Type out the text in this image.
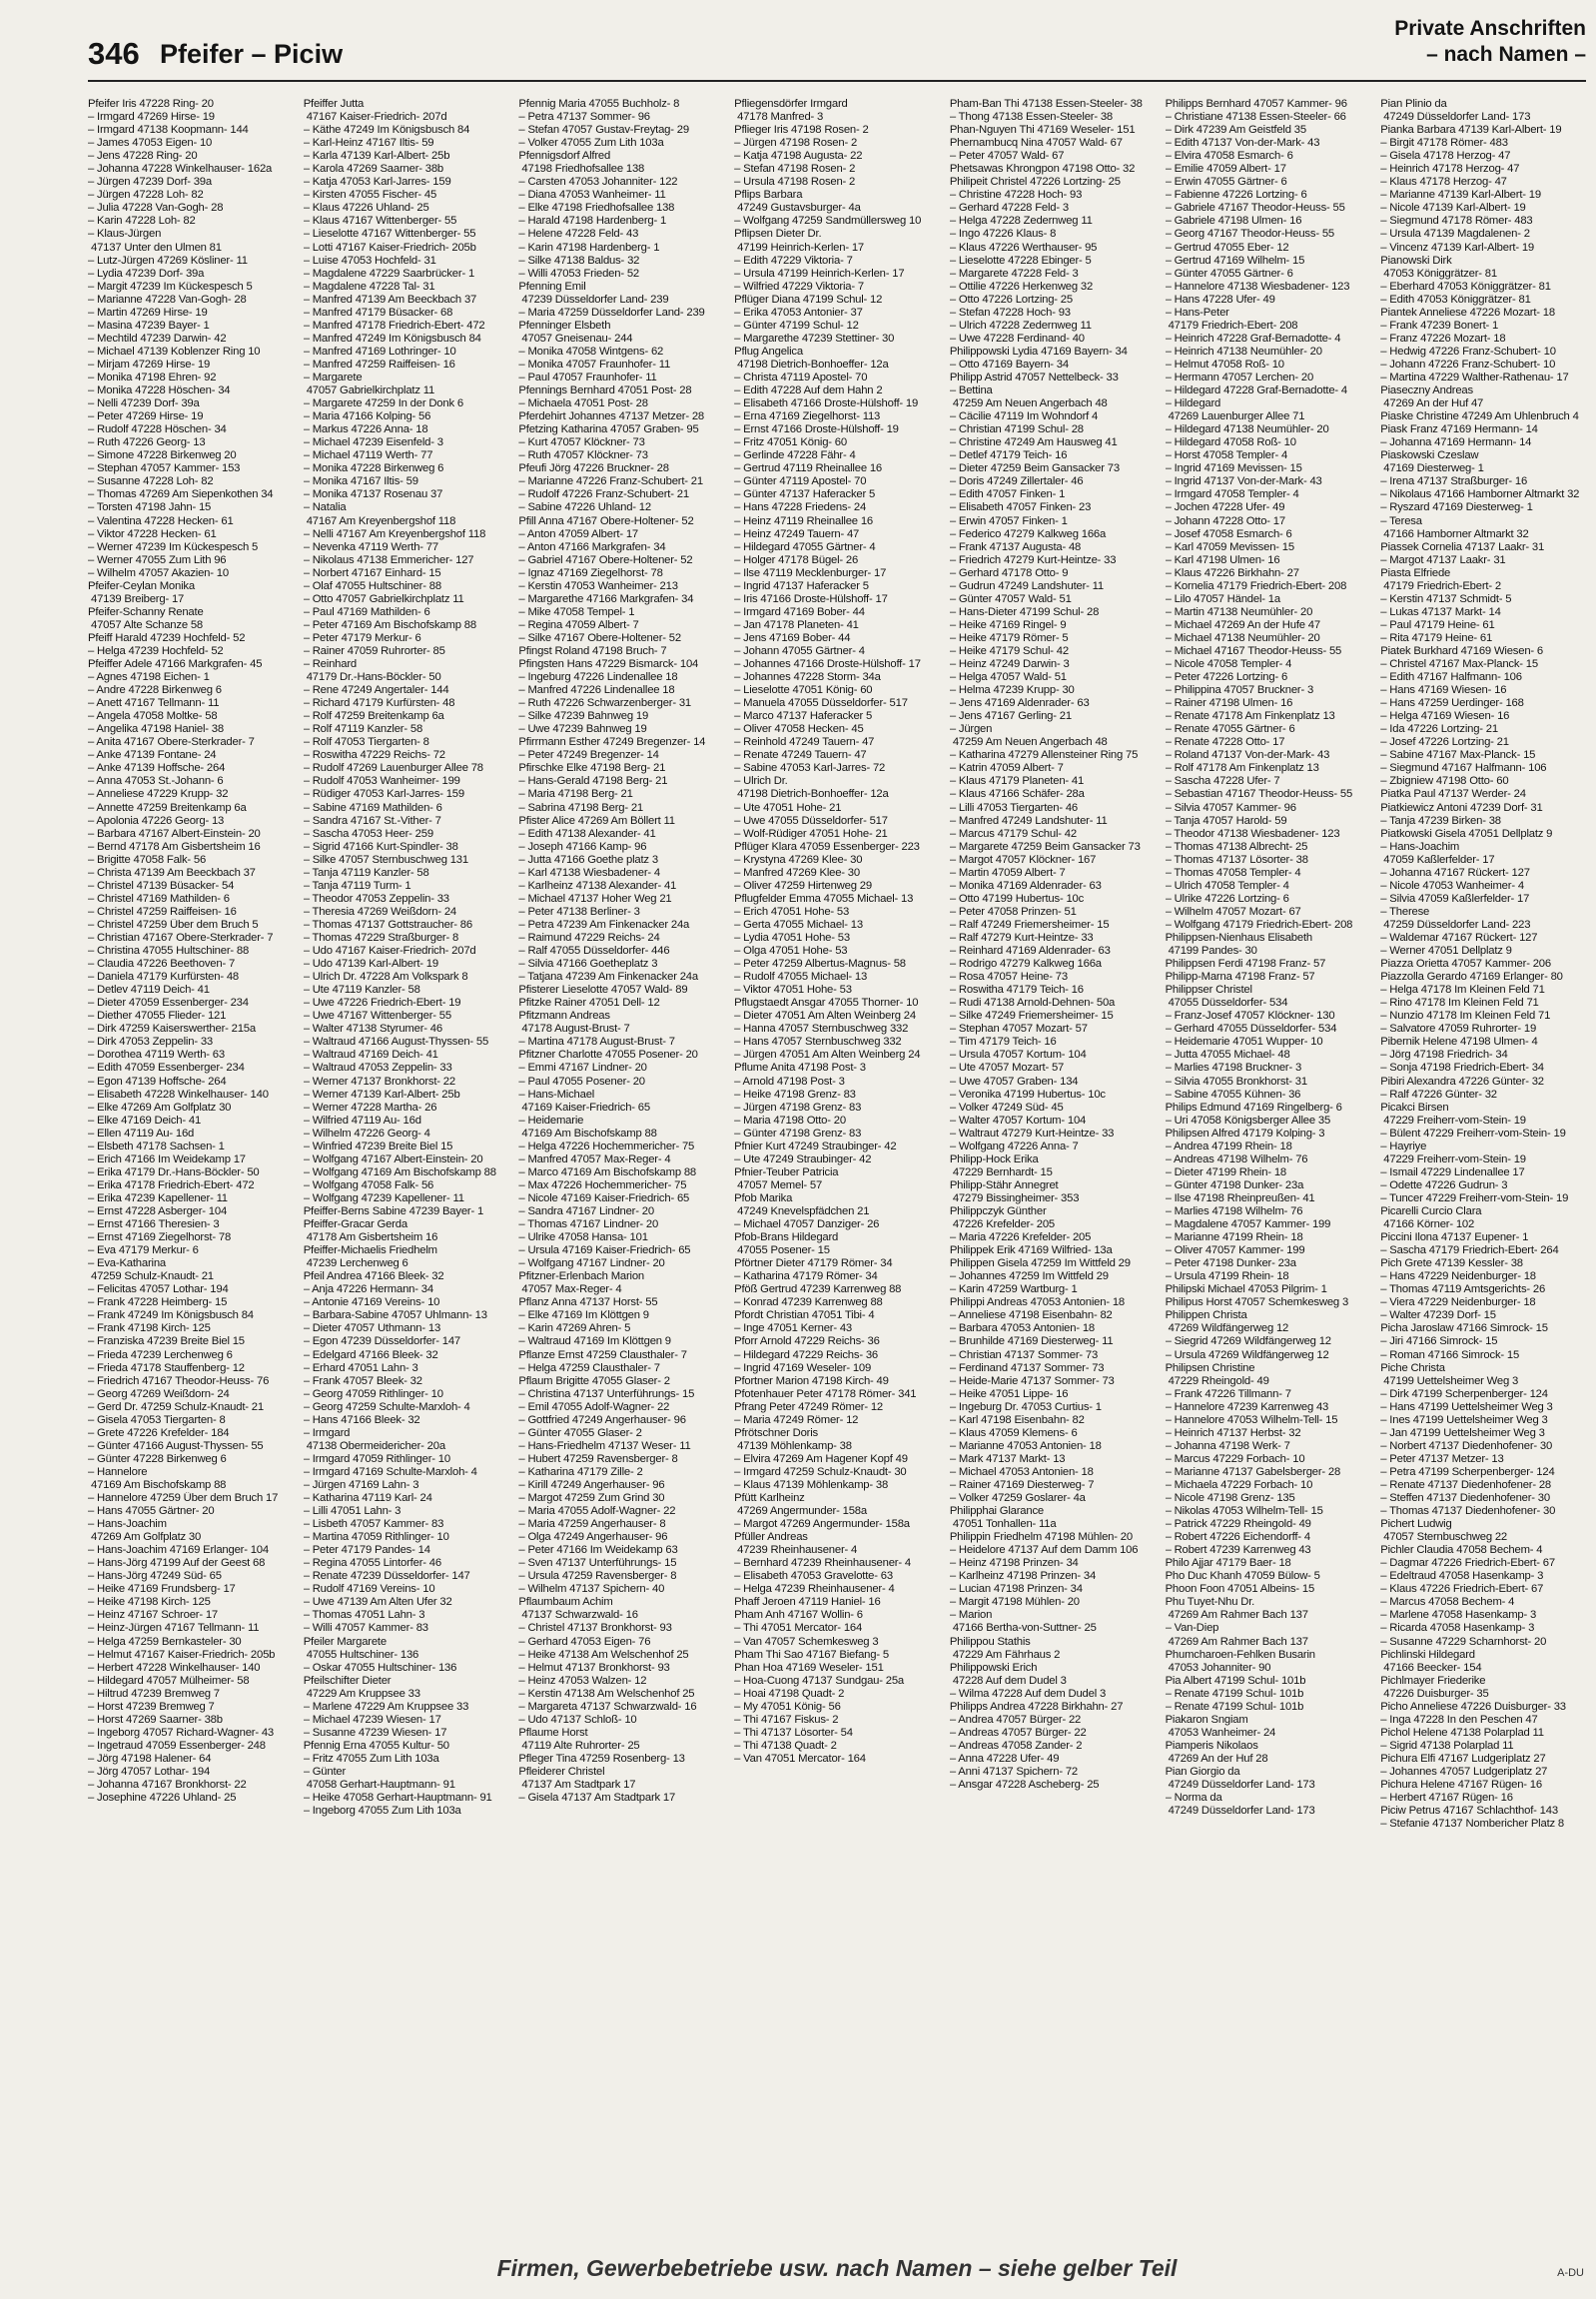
346 Pfeifer – Piciw
Private Anschriften
– nach Namen –
Pfeifer Iris 47228 Ring- 20
– Irmgard 47269 Hirse- 19
– Irmgard 47138 Koopmann- 144
– James 47053 Eigen- 10
– Jens 47228 Ring- 20
– Johanna 47228 Winkelhauser- 162a
– Jürgen 47239 Dorf- 39a
– Jürgen 47228 Loh- 82
– Julia 47228 Van-Gogh- 28
– Karin 47228 Loh- 82
– Klaus-Jürgen
47137 Unter den Ulmen 81
– Lutz-Jürgen 47269 Kösliner- 11
– Lydia 47239 Dorf- 39a
– Margit 47239 Im Kückespesch 5
– Marianne 47228 Van-Gogh- 28
– Martin 47269 Hirse- 19
– Masina 47239 Bayer- 1
– Mechtild 47239 Darwin- 42
– Michael 47139 Koblenzer Ring 10
– Mirjam 47269 Hirse- 19
– Monika 47198 Ehren- 92
– Monika 47228 Höschen- 34
– Nelli 47239 Dorf- 39a
– Peter 47269 Hirse- 19
– Rudolf 47228 Höschen- 34
– Ruth 47226 Georg- 13
– Simone 47228 Birkenweg 20
– Stephan 47057 Kammer- 153
– Susanne 47228 Loh- 82
– Thomas 47269 Am Siepenkothen 34
– Torsten 47198 Jahn- 15
– Valentina 47228 Hecken- 61
– Viktor 47228 Hecken- 61
– Werner 47239 Im Kückespesch 5
– Werner 47055 Zum Lith 96
– Wilhelm 47057 Akazien- 10
Pfeifer-Ceylan Monika
47139 Breiberg- 17
Pfeifer-Schanny Renate
47057 Alte Schanze 58
Pfeiff Harald 47239 Hochfeld- 52
– Helga 47239 Hochfeld- 52
Pfeiffer Adele 47166 Markgrafen- 45
– Agnes 47198 Eichen- 1
– Andre 47228 Birkenweg 6
– Anett 47167 Tellmann- 11
– Angela 47058 Moltke- 58
– Angelika 47198 Haniel- 38
– Anita 47167 Obere-Sterkrader- 7
– Anke 47139 Fontane- 24
– Anke 47139 Hoffsche- 264
– Anna 47053 St.-Johann- 6
– Anneliese 47229 Krupp- 32
– Annette 47259 Breitenkamp 6a
– Apolonia 47226 Georg- 13
– Barbara 47167 Albert-Einstein- 20
– Bernd 47178 Am Gisbertsheim 16
– Brigitte 47058 Falk- 56
– Christa 47139 Am Beeckbach 37
– Christel 47139 Büsacker- 54
– Christel 47169 Mathilden- 6
– Christel 47259 Raiffeisen- 16
– Christel 47259 Über dem Bruch 5
– Christian 47167 Obere-Sterkrader- 7
– Christina 47055 Hultschiner- 88
– Claudia 47226 Beethoven- 7
– Daniela 47179 Kurfürsten- 48
– Detlev 47119 Deich- 41
– Dieter 47059 Essenberger- 234
– Diether 47055 Flieder- 121
– Dirk 47259 Kaiserswerther- 215a
– Dirk 47053 Zeppelin- 33
– Dorothea 47119 Werth- 63
– Edith 47059 Essenberger- 234
– Egon 47139 Hoffsche- 264
– Elisabeth 47228 Winkelhauser- 140
– Elke 47269 Am Golfplatz 30
– Elke 47169 Deich- 41
– Ellen 47119 Au- 16d
– Elsbeth 47178 Sachsen- 1
– Erich 47166 Im Weidekamp 17
– Erika 47179 Dr.-Hans-Böckler- 50
– Erika 47178 Friedrich-Ebert- 472
– Erika 47239 Kapellener- 11
– Ernst 47228 Asberger- 104
– Ernst 47166 Theresien- 3
– Ernst 47169 Ziegelhorst- 78
– Eva 47179 Merkur- 6
– Eva-Katharina
47259 Schulz-Knaudt- 21
– Felicitas 47057 Lothar- 194
– Frank 47228 Heimberg- 15
– Frank 47249 Im Königsbusch 84
– Frank 47198 Kirch- 125
– Franziska 47239 Breite Biel 15
– Frieda 47239 Lerchenweg 6
– Frieda 47178 Stauffenberg- 12
– Friedrich 47167 Theodor-Heuss- 76
– Georg 47269 Weißdorn- 24
– Gerd Dr. 47259 Schulz-Knaudt- 21
– Gisela 47053 Tiergarten- 8
– Grete 47226 Krefelder- 184
– Günter 47166 August-Thyssen- 55
– Günter 47228 Birkenweg 6
– Hannelore
47169 Am Bischofskamp 88
– Hannelore 47259 Über dem Bruch 17
– Hans 47055 Gärtner- 20
– Hans-Joachim
47269 Am Golfplatz 30
– Hans-Joachim 47169 Erlanger- 104
– Hans-Jörg 47199 Auf der Geest 68
– Hans-Jörg 47249 Süd- 65
– Heike 47169 Frundsberg- 17
– Heike 47198 Kirch- 125
– Heinz 47167 Schroer- 17
– Heinz-Jürgen 47167 Tellmann- 11
– Helga 47259 Bernkasteler- 30
– Helmut 47167 Kaiser-Friedrich- 205b
– Herbert 47228 Winkelhauser- 140
– Hildegard 47057 Mülheimer- 58
– Hiltrud 47239 Bremweg 7
– Horst 47239 Bremweg 7
– Horst 47269 Saarner- 38b
– Ingeborg 47057 Richard-Wagner- 43
– Ingetraud 47059 Essenberger- 248
– Jörg 47198 Halener- 64
– Jörg 47057 Lothar- 194
– Johanna 47167 Bronkhorst- 22
– Josephine 47226 Uhland- 25
Pfeiffer Jutta
47167 Kaiser-Friedrich- 207d
– Käthe 47249 Im Königsbusch 84
– Karl-Heinz 47167 Iltis- 59
– Karla 47139 Karl-Albert- 25b
– Karola 47269 Saarner- 38b
– Katja 47053 Karl-Jarres- 159
– Kirsten 47055 Fischer- 45
– Klaus 47226 Uhland- 25
– Klaus 47167 Wittenberger- 55
– Lieselotte 47167 Wittenberger- 55
– Lotti 47167 Kaiser-Friedrich- 205b
– Luise 47053 Hochfeld- 31
– Magdalene 47229 Saarbrücker- 1
– Magdalene 47228 Tal- 31
– Manfred 47139 Am Beeckbach 37
– Manfred 47179 Büsacker- 68
– Manfred 47178 Friedrich-Ebert- 472
– Manfred 47249 Im Königsbusch 84
– Manfred 47169 Lothringer- 10
– Manfred 47259 Raiffeisen- 16
– Margarete
47057 Gabrielkirchplatz 11
– Margarete 47259 In der Donk 6
– Maria 47166 Kolping- 56
– Markus 47226 Anna- 18
– Michael 47239 Eisenfeld- 3
– Michael 47119 Werth- 77
– Monika 47228 Birkenweg 6
– Monika 47167 Iltis- 59
– Monika 47137 Rosenau 37
– Natalia
47167 Am Kreyenbergshof 118
– Nelli 47167 Am Kreyenbergshof 118
– Nevenka 47119 Werth- 77
– Nikolaus 47138 Emmericher- 127
– Norbert 47167 Einhard- 15
– Olaf 47055 Hultschiner- 88
– Otto 47057 Gabrielkirchplatz 11
– Paul 47169 Mathilden- 6
– Peter 47169 Am Bischofskamp 88
– Peter 47179 Merkur- 6
– Rainer 47059 Ruhrorter- 85
– Reinhard
47179 Dr.-Hans-Böckler- 50
– Rene 47249 Angertaler- 144
– Richard 47179 Kurfürsten- 48
– Rolf 47259 Breitenkamp 6a
– Rolf 47119 Kanzler- 58
– Rolf 47053 Tiergarten- 8
– Roswitha 47229 Reichs- 72
– Rudolf 47269 Lauenburger Allee 78
– Rudolf 47053 Wanheimer- 199
– Rüdiger 47053 Karl-Jarres- 159
– Sabine 47169 Mathilden- 6
– Sandra 47167 St.-Vither- 7
– Sascha 47053 Heer- 259
– Sigrid 47166 Kurt-Spindler- 38
– Silke 47057 Sternbuschweg 131
– Tanja 47119 Kanzler- 58
– Tanja 47119 Turm- 1
– Theodor 47053 Zeppelin- 33
– Theresia 47269 Weißdorn- 24
– Thomas 47137 Gottstraucher- 86
– Thomas 47229 Straßburger- 8
– Udo 47167 Kaiser-Friedrich- 207d
– Udo 47139 Karl-Albert- 19
– Ulrich Dr. 47228 Am Volkspark 8
– Ute 47119 Kanzler- 58
– Uwe 47226 Friedrich-Ebert- 19
– Uwe 47167 Wittenberger- 55
– Walter 47138 Styrumer- 46
– Waltraud 47166 August-Thyssen- 55
– Waltraud 47169 Deich- 41
– Waltraud 47053 Zeppelin- 33
– Werner 47137 Bronkhorst- 22
– Werner 47139 Karl-Albert- 25b
– Werner 47228 Martha- 26
– Wilfried 47119 Au- 16d
– Wilhelm 47226 Georg- 4
– Winfried 47239 Breite Biel 15
– Wolfgang 47167 Albert-Einstein- 20
– Wolfgang 47169 Am Bischofskamp 88
– Wolfgang 47058 Falk- 56
– Wolfgang 47239 Kapellener- 11
Pfeiffer-Berns Sabine 47239 Bayer- 1
Pfeiffer-Gracar Gerda
47178 Am Gisbertsheim 16
Pfeiffer-Michaelis Friedhelm
47239 Lerchenweg 6
Pfeil Andrea 47166 Bleek- 32
– Anja 47226 Hermann- 34
– Antonie 47169 Vereins- 10
– Barbara-Sabine 47057 Uhlmann- 13
– Dieter 47057 Uthmann- 13
– Egon 47239 Düsseldorfer- 147
– Edelgard 47166 Bleek- 32
– Erhard 47051 Lahn- 3
– Frank 47057 Bleek- 32
– Georg 47059 Rithlinger- 10
– Georg 47259 Schulte-Marxloh- 4
– Hans 47166 Bleek- 32
– Irmgard
47138 Obermeidericher- 20a
– Irmgard 47059 Rithlinger- 10
– Irmgard 47169 Schulte-Marxloh- 4
– Jürgen 47169 Lahn- 3
– Katharina 47119 Karl- 24
– Lilli 47051 Lahn- 3
– Lisbeth 47057 Kammer- 83
– Martina 47059 Rithlinger- 10
– Peter 47179 Pandes- 14
– Regina 47055 Lintorfer- 46
– Renate 47239 Düsseldorfer- 147
– Rudolf 47169 Vereins- 10
– Uwe 47139 Am Alten Ufer 32
– Thomas 47051 Lahn- 3
– Willi 47057 Kammer- 83
Pfeiler Margarete
47055 Hultschiner- 136
– Oskar 47055 Hultschiner- 136
Pfeilschifter Dieter
47229 Am Kruppsee 33
– Marlene 47229 Am Kruppsee 33
– Michael 47239 Wiesen- 17
– Susanne 47239 Wiesen- 17
Pfennig Erna 47055 Kultur- 50
– Fritz 47055 Zum Lith 103a
– Günter
47058 Gerhart-Hauptmann- 91
– Heike 47058 Gerhart-Hauptmann- 91
– Ingeborg 47055 Zum Lith 103a
Pfennig Maria 47055 Buchholz- 8
– Petra 47137 Sommer- 96
– Stefan 47057 Gustav-Freytag- 29
– Volker 47055 Zum Lith 103a
Pfennigsdorf Alfred
47198 Friedhofsallee 138
– Carsten 47053 Johanniter- 122
– Diana 47053 Wanheimer- 11
– Elke 47198 Friedhofsallee 138
– Harald 47198 Hardenberg- 1
– Helene 47228 Feld- 43
– Karin 47198 Hardenberg- 1
– Silke 47138 Baldus- 32
– Willi 47053 Frieden- 52
Pfenning Emil
47239 Düsseldorfer Land- 239
– Maria 47259 Düsseldorfer Land- 239
Pfenninger Elsbeth
47057 Gneisenau- 244
– Monika 47058 Wintgens- 62
– Monika 47057 Fraunhofer- 11
– Paul 47057 Fraunhofer- 11
Pfennings Bernhard 47051 Post- 28
– Michaela 47051 Post- 28
Pferdehirt Johannes 47137 Metzer- 28
Pfetzing Katharina 47057 Graben- 95
– Kurt 47057 Klöckner- 73
– Ruth 47057 Klöckner- 73
Pfeufi Jörg 47226 Bruckner- 28
– Marianne 47226 Franz-Schubert- 21
– Rudolf 47226 Franz-Schubert- 21
– Sabine 47226 Uhland- 12
Pfill Anna 47167 Obere-Holtener- 52
– Anton 47059 Albert- 17
– Anton 47166 Markgrafen- 34
– Gabriel 47167 Obere-Holtener- 52
– Ignaz 47169 Ziegelhorst- 78
– Kerstin 47053 Wanheimer- 213
– Margarethe 47166 Markgrafen- 34
– Mike 47058 Tempel- 1
– Regina 47059 Albert- 7
– Silke 47167 Obere-Holtener- 52
Pfingst Roland 47198 Bruch- 7
Pfingsten Hans 47229 Bismarck- 104
– Ingeburg 47226 Lindenallee 18
– Manfred 47226 Lindenallee 18
– Ruth 47226 Schwarzenberger- 31
– Silke 47239 Bahnweg 19
– Uwe 47239 Bahnweg 19
Pfirrmann Esther 47249 Bregenzer- 14
– Peter 47249 Bregenzer- 14
Pfirschke Elke 47198 Berg- 21
– Hans-Gerald 47198 Berg- 21
– Maria 47198 Berg- 21
– Sabrina 47198 Berg- 21
Pfister Alice 47269 Am Böllert 11
– Edith 47138 Alexander- 41
– Joseph 47166 Kamp- 96
– Jutta 47166 Goethe platz 3
– Karl 47138 Wiesbadener- 4
– Karlheinz 47138 Alexander- 41
– Michael 47137 Hoher Weg 21
– Peter 47138 Berliner- 3
– Petra 47239 Am Finkenacker 24a
– Raimund 47229 Reichs- 24
– Ralf 47055 Düsseldorfer- 446
– Silvia 47166 Goetheplatz 3
– Tatjana 47239 Am Finkenacker 24a
Pfisterer Lieselotte 47057 Wald- 89
Pfitzke Rainer 47051 Dell- 12
Pfitzmann Andreas
47178 August-Brust- 7
– Martina 47178 August-Brust- 7
Pfitzner Charlotte 47055 Posener- 20
– Emmi 47167 Lindner- 20
– Paul 47055 Posener- 20
– Hans-Michael
47169 Kaiser-Friedrich- 65
– Heidemarie
47169 Am Bischofskamp 88
– Helga 47226 Hochemmericher- 75
– Manfred 47057 Max-Reger- 4
– Marco 47169 Am Bischofskamp 88
– Max 47226 Hochemmericher- 75
– Nicole 47169 Kaiser-Friedrich- 65
– Sandra 47167 Lindner- 20
– Thomas 47167 Lindner- 20
– Ulrike 47058 Hansa- 101
– Ursula 47169 Kaiser-Friedrich- 65
– Wolfgang 47167 Lindner- 20
Pfitzner-Erlenbach Marion
47057 Max-Reger- 4
Pflanz Anna 47137 Horst- 55
– Elke 47169 Im Klöttgen 9
– Karin 47269 Ahren- 5
– Waltraud 47169 Im Klöttgen 9
Pflanze Ernst 47259 Clausthaler- 7
– Helga 47259 Clausthaler- 7
Pflaum Brigitte 47055 Glaser- 2
– Christina 47137 Unterführungs- 15
– Emil 47055 Adolf-Wagner- 22
– Gottfried 47249 Angerhauser- 96
– Günter 47055 Glaser- 2
– Hans-Friedhelm 47137 Weser- 11
– Hubert 47259 Ravensberger- 8
– Katharina 47179 Zille- 2
– Kirill 47249 Angerhauser- 96
– Margot 47259 Zum Grind 30
– Maria 47055 Adolf-Wagner- 22
– Maria 47259 Angerhauser- 8
– Olga 47249 Angerhauser- 96
– Peter 47166 Im Weidekamp 63
– Sven 47137 Unterführungs- 15
– Ursula 47259 Ravensberger- 8
– Wilhelm 47137 Spichern- 40
Pflaumbaum Achim
47137 Schwarzwald- 16
– Christel 47137 Bronkhorst- 93
– Gerhard 47053 Eigen- 76
– Heike 47138 Am Welschenhof 25
– Helmut 47137 Bronkhorst- 93
– Heinz 47053 Walzen- 12
– Kerstin 47138 Am Welschenhof 25
– Margareta 47137 Schwarzwald- 16
– Udo 47137 Schloß- 10
Pflaume Horst
47119 Alte Ruhrorter- 25
Pfleger Tina 47259 Rosenberg- 13
Pfleiderer Christel
47137 Am Stadtpark 17
– Gisela 47137 Am Stadtpark 17
Pfliegensdörfer Irmgard
47178 Manfred- 3
Pflieger Iris 47198 Rosen- 2
– Jürgen 47198 Rosen- 2
– Katja 47198 Augusta- 22
– Stefan 47198 Rosen- 2
– Ursula 47198 Rosen- 2
Pflips Barbara
47249 Gustavsburger- 4a
– Wolfgang 47259 Sandmüllersweg 10
Pflipsen Dieter Dr.
47199 Heinrich-Kerlen- 17
– Edith 47229 Viktoria- 7
– Ursula 47199 Heinrich-Kerlen- 17
– Wilfried 47229 Viktoria- 7
Pflüger Diana 47199 Schul- 12
– Erika 47053 Antonier- 37
– Günter 47199 Schul- 12
– Margarethe 47239 Stettiner- 30
Pflug Angelica
47198 Dietrich-Bonhoeffer- 12a
– Christa 47119 Apostel- 70
– Edith 47228 Auf dem Hahn 2
– Elisabeth 47166 Droste-Hülshoff- 19
– Erna 47169 Ziegelhorst- 113
– Ernst 47166 Droste-Hülshoff- 19
– Fritz 47051 König- 60
– Gerlinde 47228 Fähr- 4
– Gertrud 47119 Rheinallee 16
– Günter 47119 Apostel- 70
– Günter 47137 Haferacker 5
– Hans 47228 Friedens- 24
– Heinz 47119 Rheinallee 16
– Heinz 47249 Tauern- 47
– Hildegard 47055 Gärtner- 4
– Holger 47178 Bügel- 26
– Ilse 47119 Mecklenburger- 17
– Ingrid 47137 Haferacker 5
– Iris 47166 Droste-Hülshoff- 17
– Irmgard 47169 Bober- 44
– Jan 47178 Planeten- 41
– Jens 47169 Bober- 44
– Johann 47055 Gärtner- 4
– Johannes 47166 Droste-Hülshoff- 17
– Johannes 47228 Storm- 34a
– Lieselotte 47051 König- 60
– Manuela 47055 Düsseldorfer- 517
– Marco 47137 Haferacker 5
– Oliver 47058 Hecken- 45
– Reinhold 47249 Tauern- 47
– Renate 47249 Tauern- 47
– Sabine 47053 Karl-Jarres- 72
– Ulrich Dr.
47198 Dietrich-Bonhoeffer- 12a
– Ute 47051 Hohe- 21
– Uwe 47055 Düsseldorfer- 517
– Wolf-Rüdiger 47051 Hohe- 21
Pflüger Klara 47059 Essenberger- 223
– Krystyna 47269 Klee- 30
– Manfred 47269 Klee- 30
– Oliver 47259 Hirtenweg 29
Pflugfelder Emma 47055 Michael- 13
– Erich 47051 Hohe- 53
– Gerta 47055 Michael- 13
– Lydia 47051 Hohe- 53
– Olga 47051 Hohe- 53
– Peter 47259 Albertus-Magnus- 58
– Rudolf 47055 Michael- 13
– Viktor 47051 Hohe- 53
Pflugstaedt Ansgar 47055 Thorner- 10
– Dieter 47051 Am Alten Weinberg 24
– Hanna 47057 Sternbuschweg 332
– Hans 47057 Sternbuschweg 332
– Jürgen 47051 Am Alten Weinberg 24
Pflume Anita 47198 Post- 3
– Arnold 47198 Post- 3
– Heike 47198 Grenz- 83
– Jürgen 47198 Grenz- 83
– Maria 47198 Otto- 20
– Günter 47198 Grenz- 83
Pfnier Kurt 47249 Straubinger- 42
– Ute 47249 Straubinger- 42
Pfnier-Teuber Patricia
47057 Memel- 57
Pfob Marika
47249 Knevelspfädchen 21
– Michael 47057 Danziger- 26
Pfob-Brans Hildegard
47055 Posener- 15
Pförtner Dieter 47179 Römer- 34
– Katharina 47179 Römer- 34
Pföß Gertrud 47239 Karrenweg 88
– Konrad 47239 Karrenweg 88
Pfordt Christian 47051 Tibi- 4
– Inge 47051 Kerner- 43
Pforr Arnold 47229 Reichs- 36
– Hildegard 47229 Reichs- 36
– Ingrid 47169 Weseler- 109
Pfortner Marion 47198 Kirch- 49
Pfotenhauer Peter 47178 Römer- 341
Pfrang Peter 47249 Römer- 12
– Maria 47249 Römer- 12
Pfrötschner Doris
47139 Möhlenkamp- 38
– Elvira 47269 Am Hagener Kopf 49
– Irmgard 47259 Schulz-Knaudt- 30
– Klaus 47139 Möhlenkamp- 38
Pfütt Karlheinz
47269 Angermunder- 158a
– Margot 47269 Angermunder- 158a
Pfüller Andreas
47239 Rheinhausener- 4
– Bernhard 47239 Rheinhausener- 4
– Elisabeth 47053 Gravelotte- 63
– Helga 47239 Rheinhausener- 4
Phaff Jeroen 47119 Haniel- 16
Pham Anh 47167 Wollin- 6
– Thi 47051 Mercator- 164
– Van 47057 Schemkesweg 3
Pham Thi Sao 47167 Biefang- 5
Phan Hoa 47169 Weseler- 151
– Hoa-Cuong 47137 Sundgau- 25a
– Hoai 47198 Quadt- 2
– My 47051 König- 56
– Thi 47167 Fiskus- 2
– Thi 47137 Lösorter- 54
– Thi 47138 Quadt- 2
– Van 47051 Mercator- 164
Pham-Ban Thi 47138 Essen-Steeler- 38
– Thong 47138 Essen-Steeler- 38
Phan-Nguyen Thi 47169 Weseler- 151
Phernambucq Nina 47057 Wald- 67
– Peter 47057 Wald- 67
Phetsawas Khrongpon 47198 Otto- 32
Philipeit Christel 47226 Lortzing- 25
– Christine 47228 Hoch- 93
– Gerhard 47228 Feld- 3
– Helga 47228 Zedernweg 11
– Ingo 47226 Klaus- 8
– Klaus 47226 Werthauser- 95
– Lieselotte 47228 Ebinger- 5
– Margarete 47228 Feld- 3
– Ottilie 47226 Herkenweg 32
– Otto 47226 Lortzing- 25
– Stefan 47228 Hoch- 93
– Ulrich 47228 Zedernweg 11
– Uwe 47228 Ferdinand- 40
Philippowski Lydia 47169 Bayern- 34
– Otto 47169 Bayern- 34
Philipp Astrid 47057 Nettelbeck- 33
– Bettina
47259 Am Neuen Angerbach 48
– Cäcilie 47119 Im Wohndorf 4
– Christian 47199 Schul- 28
– Christine 47249 Am Hausweg 41
– Detlef 47179 Teich- 16
– Dieter 47259 Beim Gansacker 73
– Doris 47249 Zillertaler- 46
– Edith 47057 Finken- 1
– Elisabeth 47057 Finken- 23
– Erwin 47057 Finken- 1
– Federico 47279 Kalkweg 166a
– Frank 47137 Augusta- 48
– Friedrich 47279 Kurt-Heintze- 33
– Gerhard 47178 Otto- 9
– Gudrun 47249 Landshuter- 11
– Günter 47057 Wald- 51
– Hans-Dieter 47199 Schul- 28
– Heike 47169 Ringel- 9
– Heike 47179 Römer- 5
– Heike 47179 Schul- 42
– Heinz 47249 Darwin- 3
– Helga 47057 Wald- 51
– Helma 47239 Krupp- 30
– Jens 47169 Aldenrader- 63
– Jens 47167 Gerling- 21
– Jürgen
47259 Am Neuen Angerbach 48
– Katharina 47279 Allensteiner Ring 75
– Katrin 47059 Albert- 7
– Klaus 47179 Planeten- 41
– Klaus 47166 Schäfer- 28a
– Lilli 47053 Tiergarten- 46
– Manfred 47249 Landshuter- 11
– Marcus 47179 Schul- 42
– Margarete 47259 Beim Gansacker 73
– Margot 47057 Klöckner- 167
– Martin 47059 Albert- 7
– Monika 47169 Aldenrader- 63
– Otto 47199 Hubertus- 10c
– Peter 47058 Prinzen- 51
– Ralf 47249 Friemersheimer- 15
– Ralf 47279 Kurt-Heintze- 33
– Reinhard 47169 Aldenrader- 63
– Rodrigo 47279 Kalkweg 166a
– Rosa 47057 Heine- 73
– Roswitha 47179 Teich- 16
– Rudi 47138 Arnold-Dehnen- 50a
– Silke 47249 Friemersheimer- 15
– Stephan 47057 Mozart- 57
– Tim 47179 Teich- 16
– Ursula 47057 Kortum- 104
– Ute 47057 Mozart- 57
– Uwe 47057 Graben- 134
– Veronika 47199 Hubertus- 10c
– Volker 47249 Süd- 45
– Walter 47057 Kortum- 104
– Waltraut 47279 Kurt-Heintze- 33
– Wolfgang 47226 Anna- 7
Philipp-Hock Erika
47229 Bernhardt- 15
Philipp-Stähr Annegret
47279 Bissingheimer- 353
Philippczyk Günther
47226 Krefelder- 205
– Maria 47226 Krefelder- 205
Philippek Erik 47169 Wilfried- 13a
Philippen Gisela 47259 Im Wittfeld 29
– Johannes 47259 Im Wittfeld 29
– Karin 47259 Wartburg- 1
Philippi Andreas 47053 Antonien- 18
– Anneliese 47198 Eisenbahn- 82
– Barbara 47053 Antonien- 18
– Brunhilde 47169 Diesterweg- 11
– Christian 47137 Sommer- 73
– Ferdinand 47137 Sommer- 73
– Heide-Marie 47137 Sommer- 73
– Heike 47051 Lippe- 16
– Ingeburg Dr. 47053 Curtius- 1
– Karl 47198 Eisenbahn- 82
– Klaus 47059 Klemens- 6
– Marianne 47053 Antonien- 18
– Mark 47137 Markt- 13
– Michael 47053 Antonien- 18
– Rainer 47169 Diesterweg- 7
– Volker 47259 Goslarer- 4a
Philipphai Glarance
47051 Tonhallen- 11a
Philippin Friedhelm 47198 Mühlen- 20
– Heidelore 47137 Auf dem Damm 106
– Heinz 47198 Prinzen- 34
– Karlheinz 47198 Prinzen- 34
– Lucian 47198 Prinzen- 34
– Margit 47198 Mühlen- 20
– Marion
47166 Bertha-von-Suttner- 25
Philippou Stathis
47229 Am Fährhaus 2
Philippowski Erich
47228 Auf dem Dudel 3
– Wilma 47228 Auf dem Dudel 3
Philipps Andrea 47228 Birkhahn- 27
– Andrea 47057 Bürger- 22
– Andreas 47057 Bürger- 22
– Andreas 47058 Zander- 2
– Anna 47228 Ufer- 49
– Anni 47137 Spichern- 72
– Ansgar 47228 Ascheberg- 25
Philipps Bernhard 47057 Kammer- 96
– Christiane 47138 Essen-Steeler- 66
– Dirk 47239 Am Geistfeld 35
– Edith 47137 Von-der-Mark- 43
– Elvira 47058 Esmarch- 6
– Emilie 47059 Albert- 17
– Erwin 47055 Gärtner- 6
– Fabienne 47226 Lortzing- 6
– Gabriele 47167 Theodor-Heuss- 55
– Gabriele 47198 Ulmen- 16
– Georg 47167 Theodor-Heuss- 55
– Gertrud 47055 Eber- 12
– Gertrud 47169 Wilhelm- 15
– Günter 47055 Gärtner- 6
– Hannelore 47138 Wiesbadener- 123
– Hans 47228 Ufer- 49
– Hans-Peter
47179 Friedrich-Ebert- 208
– Heinrich 47228 Graf-Bernadotte- 4
– Heinrich 47138 Neumühler- 20
– Helmut 47058 Roß- 10
– Hermann 47057 Lerchen- 20
– Hildegard 47228 Graf-Bernadotte- 4
– Hildegard
47269 Lauenburger Allee 71
– Hildegard 47138 Neumühler- 20
– Hildegard 47058 Roß- 10
– Horst 47058 Templer- 4
– Ingrid 47169 Mevissen- 15
– Ingrid 47137 Von-der-Mark- 43
– Irmgard 47058 Templer- 4
– Jochen 47228 Ufer- 49
– Johann 47228 Otto- 17
– Josef 47058 Esmarch- 6
– Karl 47059 Mevissen- 15
– Karl 47198 Ulmen- 16
– Klaus 47226 Birkhahn- 27
– Kornelia 47179 Friedrich-Ebert- 208
– Lilo 47057 Händel- 1a
– Martin 47138 Neumühler- 20
– Michael 47269 An der Hufe 47
– Michael 47138 Neumühler- 20
– Michael 47167 Theodor-Heuss- 55
– Nicole 47058 Templer- 4
– Peter 47226 Lortzing- 6
– Philippina 47057 Bruckner- 3
– Rainer 47198 Ulmen- 16
– Renate 47178 Am Finkenplatz 13
– Renate 47055 Gärtner- 6
– Renate 47228 Otto- 17
– Roland 47137 Von-der-Mark- 43
– Rolf 47178 Am Finkenplatz 13
– Sascha 47228 Ufer- 7
– Sebastian 47167 Theodor-Heuss- 55
– Silvia 47057 Kammer- 96
– Tanja 47057 Harold- 59
– Theodor 47138 Wiesbadener- 123
– Thomas 47138 Albrecht- 25
– Thomas 47137 Lösorter- 38
– Thomas 47058 Templer- 4
– Ulrich 47058 Templer- 4
– Ulrike 47226 Lortzing- 6
– Wilhelm 47057 Mozart- 67
– Wolfgang 47179 Friedrich-Ebert- 208
Philippsen-Nienhaus Elisabeth
47199 Pandes- 30
Philippsen Ferdi 47198 Franz- 57
Philipp-Marna 47198 Franz- 57
Philippser Christel
47055 Düsseldorfer- 534
– Franz-Josef 47057 Klöckner- 130
– Gerhard 47055 Düsseldorfer- 534
– Heidemarie 47051 Wupper- 10
– Jutta 47055 Michael- 48
– Marlies 47198 Bruckner- 3
– Silvia 47055 Bronkhorst- 31
– Sabine 47055 Kühnen- 36
Philips Edmund 47169 Ringelberg- 6
– Uri 47058 Königsberger Allee 35
Philipsen Alfred 47179 Kolping- 3
– Andrea 47199 Rhein- 18
– Andreas 47198 Wilhelm- 76
– Dieter 47199 Rhein- 18
– Günter 47198 Dunker- 23a
– Ilse 47198 Rheinpreußen- 41
– Marlies 47198 Wilhelm- 76
– Magdalene 47057 Kammer- 199
– Marianne 47199 Rhein- 18
– Oliver 47057 Kammer- 199
– Peter 47198 Dunker- 23a
– Ursula 47199 Rhein- 18
Philipski Michael 47053 Pilgrim- 1
Philipus Horst 47057 Schemkesweg 3
Philippen Christa
47269 Wildfängerweg 12
– Siegrid 47269 Wildfängerweg 12
– Ursula 47269 Wildfängerweg 12
Philipsen Christine
47229 Rheingold- 49
– Frank 47226 Tillmann- 7
– Hannelore 47239 Karrenweg 43
– Hannelore 47053 Wilhelm-Tell- 15
– Heinrich 47137 Herbst- 32
– Johanna 47198 Werk- 7
– Marcus 47229 Forbach- 10
– Marianne 47137 Gabelsberger- 28
– Michaela 47229 Forbach- 10
– Nicole 47198 Grenz- 135
– Nikolas 47053 Wilhelm-Tell- 15
– Patrick 47229 Rheingold- 49
– Robert 47226 Eichendorff- 4
– Robert 47239 Karrenweg 43
Philo Ajjar 47179 Baer- 18
Pho Duc Khanh 47059 Bülow- 5
Phoon Foon 47051 Albeins- 15
Phu Tuyet-Nhu Dr.
47269 Am Rahmer Bach 137
– Van-Diep
47269 Am Rahmer Bach 137
Phumcharoen-Fehlken Busarin
47053 Johanniter- 90
Pia Albert 47199 Schul- 101b
– Renate 47199 Schul- 101b
– Renate 47199 Schul- 101b
Piakaron Sngiam
47053 Wanheimer- 24
Piamperis Nikolaos
47269 An der Huf 28
Pian Giorgio da
47249 Düsseldorfer Land- 173
– Norma da
47249 Düsseldorfer Land- 173
Pian Plinio da
47249 Düsseldorfer Land- 173
Pianka Barbara 47139 Karl-Albert- 19
– Birgit 47178 Römer- 483
– Gisela 47178 Herzog- 47
– Heinrich 47178 Herzog- 47
– Klaus 47178 Herzog- 47
– Marianne 47139 Karl-Albert- 19
– Nicole 47139 Karl-Albert- 19
– Siegmund 47178 Römer- 483
– Ursula 47139 Magdalenen- 2
– Vincenz 47139 Karl-Albert- 19
Pianowski Dirk
47053 Königgrätzer- 81
– Eberhard 47053 Königgrätzer- 81
– Edith 47053 Königgrätzer- 81
Piantek Anneliese 47226 Mozart- 18
– Frank 47239 Bonert- 1
– Franz 47226 Mozart- 18
– Hedwig 47226 Franz-Schubert- 10
– Johann 47226 Franz-Schubert- 10
– Martina 47229 Walther-Rathenau- 17
Piaseczny Andreas
47269 An der Huf 47
Piaske Christine 47249 Am Uhlenbruch 4
Piask Franz 47169 Hermann- 14
– Johanna 47169 Hermann- 14
Piaskowski Czeslaw
47169 Diesterweg- 1
– Irena 47137 Straßburger- 16
– Nikolaus 47166 Hamborner Altmarkt 32
– Ryszard 47169 Diesterweg- 1
– Teresa
47166 Hamborner Altmarkt 32
Piassek Cornelia 47137 Laakr- 31
– Margot 47137 Laakr- 31
Piasta Elfriede
47179 Friedrich-Ebert- 2
– Kerstin 47137 Schmidt- 5
– Lukas 47137 Markt- 14
– Paul 47179 Heine- 61
– Rita 47179 Heine- 61
Piatek Burkhard 47169 Wiesen- 6
– Christel 47167 Max-Planck- 15
– Edith 47167 Halfmann- 106
– Hans 47169 Wiesen- 16
– Hans 47259 Uerdinger- 168
– Helga 47169 Wiesen- 16
– Ida 47226 Lortzing- 21
– Josef 47226 Lortzing- 21
– Sabine 47167 Max-Planck- 15
– Siegmund 47167 Halfmann- 106
– Zbigniew 47198 Otto- 60
Piatka Paul 47137 Werder- 24
Piatkiewicz Antoni 47239 Dorf- 31
– Tanja 47239 Birken- 38
Piatkowski Gisela 47051 Dellplatz 9
– Hans-Joachim
47059 Kaßlerfelder- 17
– Johanna 47167 Rückert- 127
– Nicole 47053 Wanheimer- 4
– Silvia 47059 Kaßlerfelder- 17
– Therese
47259 Düsseldorfer Land- 223
– Waldemar 47167 Rückert- 127
– Werner 47051 Dellplatz 9
Piazza Orietta 47057 Kammer- 206
Piazzolla Gerardo 47169 Erlanger- 80
– Helga 47178 Im Kleinen Feld 71
– Rino 47178 Im Kleinen Feld 71
– Nunzio 47178 Im Kleinen Feld 71
– Salvatore 47059 Ruhrorter- 19
Pibernik Helene 47198 Ulmen- 4
– Jörg 47198 Friedrich- 34
– Sonja 47198 Friedrich-Ebert- 34
Pibiri Alexandra 47226 Günter- 32
– Ralf 47226 Günter- 32
Picakci Birsen
47229 Freiherr-vom-Stein- 19
– Bülent 47229 Freiherr-vom-Stein- 19
– Hayriye
47229 Freiherr-vom-Stein- 19
– Ismail 47229 Lindenallee 17
– Odette 47226 Gudrun- 3
– Tuncer 47229 Freiherr-vom-Stein- 19
Picarelli Curcio Clara
47166 Körner- 102
Piccini Ilona 47137 Eupener- 1
– Sascha 47179 Friedrich-Ebert- 264
Pich Grete 47139 Kessler- 38
– Hans 47229 Neidenburger- 18
– Thomas 47119 Amtsgerichts- 26
– Viera 47229 Neidenburger- 18
– Walter 47239 Dorf- 15
Picha Jaroslaw 47166 Simrock- 15
– Jiri 47166 Simrock- 15
– Roman 47166 Simrock- 15
Piche Christa
47199 Uettelsheimer Weg 3
– Dirk 47199 Scherpenberger- 124
– Hans 47199 Uettelsheimer Weg 3
– Ines 47199 Uettelsheimer Weg 3
– Jan 47199 Uettelsheimer Weg 3
– Norbert 47137 Diedenhofener- 30
– Peter 47137 Metzer- 13
– Petra 47199 Scherpenberger- 124
– Renate 47137 Diedenhofener- 28
– Steffen 47137 Diedenhofener- 30
– Thomas 47137 Diedenhofener- 30
Pichert Ludwig
47057 Sternbuschweg 22
Pichler Claudia 47058 Bechem- 4
– Dagmar 47226 Friedrich-Ebert- 67
– Edeltraud 47058 Hasenkamp- 3
– Klaus 47226 Friedrich-Ebert- 67
– Marcus 47058 Bechem- 4
– Marlene 47058 Hasenkamp- 3
– Ricarda 47058 Hasenkamp- 3
– Susanne 47229 Scharnhorst- 20
Pichlinski Hildegard
47166 Beecker- 154
Pichlmayer Friederike
47226 Duisburger- 35
Picho Anneliese 47226 Duisburger- 33
– Inga 47228 In den Peschen 47
Pichol Helene 47138 Polarplad 11
– Sigrid 47138 Polarplad 11
Pichura Elfi 47167 Ludgeriplatz 27
– Johannes 47057 Ludgeriplatz 27
Pichura Helene 47167 Rügen- 16
– Herbert 47167 Rügen- 16
Piciw Petrus 47167 Schlachthof- 143
– Stefanie 47137 Nombericher Platz 8
Firmen, Gewerbebetriebe usw. nach Namen – siehe gelber Teil	A-DU
